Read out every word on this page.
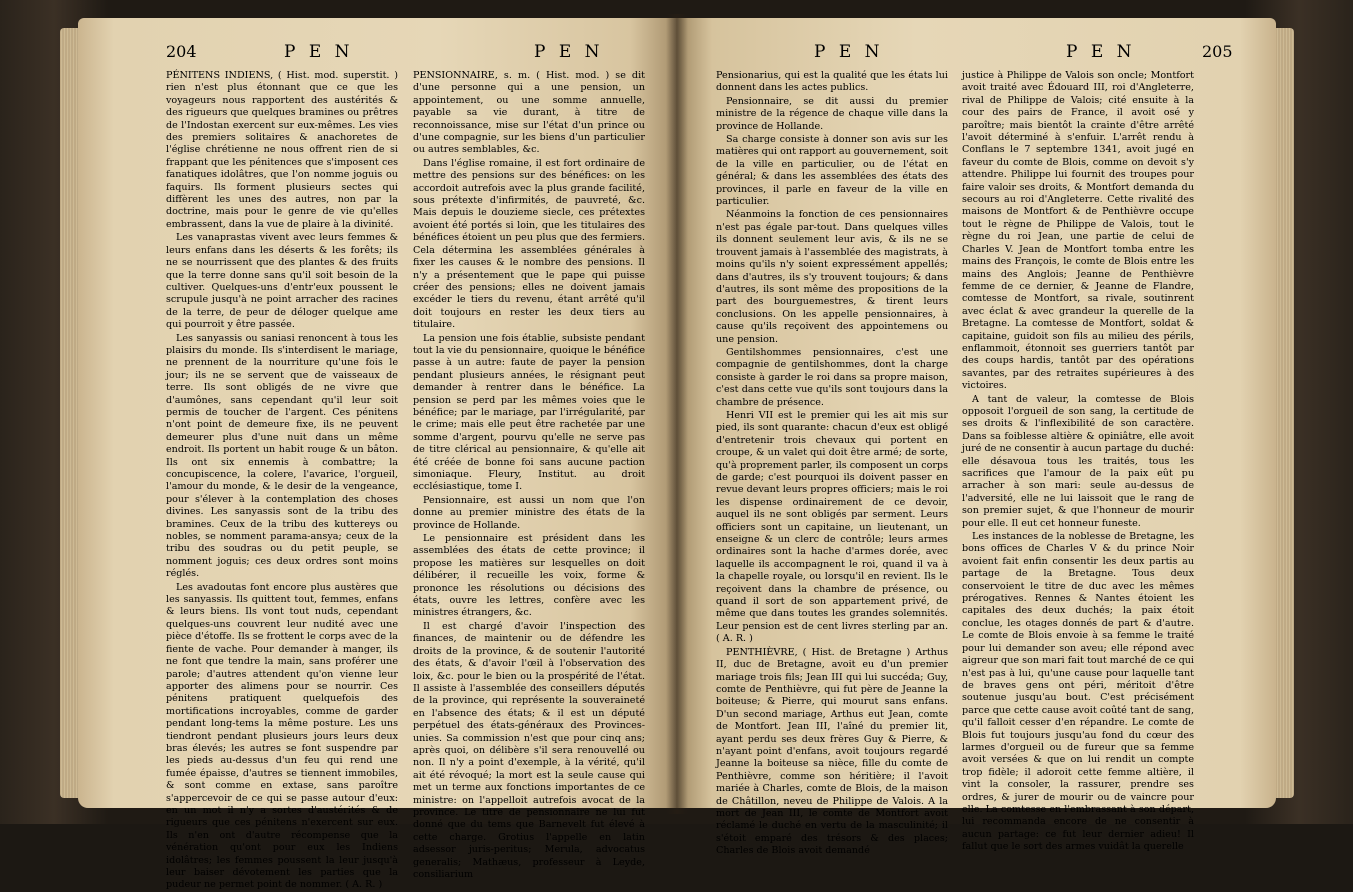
204	P E N	P E N	P E N	P E N	205

PÉNITENS INDIENS, ( Hist. mod. superstit. ) rien n'est plus étonnant que ce que les voyageurs nous rapportent des austérités & des rigueurs que quelques bramines ou prêtres de l'Indostan exercent sur eux-mêmes. Les vies des premiers solitaires & anachoretes de l'église chrétienne ne nous offrent rien de si frappant que les pénitences que s'imposent ces fanatiques idolâtres, que l'on nomme joguis ou faquirs. Ils forment plusieurs sectes qui diffèrent les unes des autres, non par la doctrine, mais pour le genre de vie qu'elles embrassent, dans la vue de plaire à la divinité.

Les vanaprastas vivent avec leurs femmes & leurs enfans dans les déserts & les forêts; ils ne se nourrissent que des plantes & des fruits que la terre donne sans qu'il soit besoin de la cultiver. Quelques-uns d'entr'eux poussent le scrupule jusqu'à ne point arracher des racines de la terre, de peur de déloger quelque ame qui pourroit y être passée.

Les sanyassis ou saniasi renoncent à tous les plaisirs du monde. Ils s'interdisent le mariage, ne prennent de la nourriture qu'une fois le jour; ils ne se servent que de vaisseaux de terre. Ils sont obligés de ne vivre que d'aumônes, sans cependant qu'il leur soit permis de toucher de l'argent. Ces pénitens n'ont point de demeure fixe, ils ne peuvent demeurer plus d'une nuit dans un même endroit. Ils portent un habit rouge & un bâton. Ils ont six ennemis à combattre; la concupiscence, la colere, l'avarice, l'orgueil, l'amour du monde, & le desir de la vengeance, pour s'élever à la contemplation des choses divines. Les sanyassis sont de la tribu des bramines. Ceux de la tribu des kuttereys ou nobles, se nomment parama-ansya; ceux de la tribu des soudras ou du petit peuple, se nomment joguis; ces deux ordres sont moins réglés.

Les avadoutas font encore plus austères que les sanyassis. Ils quittent tout, femmes, enfans & leurs biens. Ils vont tout nuds, cependant quelques-uns couvrent leur nudité avec une pièce d'étoffe. Ils se frottent le corps avec de la fiente de vache. Pour demander à manger, ils ne font que tendre la main, sans proférer une parole; d'autres attendent qu'on vienne leur apporter des alimens pour se nourrir. Ces pénitens pratiquent quelquefois des mortifications incroyables, comme de garder pendant long-tems la même posture. Les uns tiendront pendant plusieurs jours leurs deux bras élevés; les autres se font suspendre par les pieds au-dessus d'un feu qui rend une fumée épaisse, d'autres se tiennent immobiles, & sont comme en extase, sans paroître s'appercevoir de ce qui se passe autour d'eux: en un mot il n'y a sortes d'austérités & de rigueurs que ces pénitens n'exercent sur eux. Ils n'en ont d'autre récompense que la vénération qu'ont pour eux les Indiens idolâtres; les femmes poussent la leur jusqu'à leur baiser dévotement les parties que la pudeur ne permet point de nommer. ( A. R. )

PENSIONNAIRE, s. m. ( Hist. mod. ) se dit d'une personne qui a une pension, un appointement, ou une somme annuelle, payable sa vie durant, à titre de reconnoissance, mise sur l'état d'un prince ou d'une compagnie, sur les biens d'un particulier ou autres semblables, &c.

Dans l'église romaine, il est fort ordinaire de mettre des pensions sur des bénéfices: on les accordoit autrefois avec la plus grande facilité, sous prétexte d'infirmités, de pauvreté, &c. Mais depuis le douzieme siecle, ces prétextes avoient été portés si loin, que les titulaires des bénéfices étoient un peu plus que des fermiers. Cela détermina les assemblées générales à fixer les causes & le nombre des pensions. Il n'y a présentement que le pape qui puisse créer des pensions; elles ne doivent jamais excéder le tiers du revenu, étant arrêté qu'il doit toujours en rester les deux tiers au titulaire.

La pension une fois établie, subsiste pendant tout la vie du pensionnaire, quoique le bénéfice passe à un autre: faute de payer la pension pendant plusieurs années, le résignant peut demander à rentrer dans le bénéfice. La pension se perd par les mêmes voies que le bénéfice; par le mariage, par l'irrégularité, par le crime; mais elle peut être rachetée par une somme d'argent, pourvu qu'elle ne serve pas de titre clérical au pensionnaire, & qu'elle ait été créée de bonne foi sans aucune paction simoniaque. Fleury, Institut. au droit ecclésiastique, tome I.

Pensionnaire, est aussi un nom que l'on donne au premier ministre des états de la province de Hollande.

Le pensionnaire est président dans les assemblées des états de cette province; il propose les matières sur lesquelles on doit délibérer, il recueille les voix, forme & prononce les résolutions ou décisions des états, ouvre les lettres, confère avec les ministres étrangers, &c.

Il est chargé d'avoir l'inspection des finances, de maintenir ou de défendre les droits de la province, & de soutenir l'autorité des états, & d'avoir l'œil à l'observation des loix, &c. pour le bien ou la prospérité de l'état. Il assiste à l'assemblée des conseillers députés de la province, qui représente la souveraineté en l'absence des états; & il est un député perpétuel des états-généraux des Provinces-unies. Sa commission n'est que pour cinq ans; après quoi, on délibère s'il sera renouvellé ou non. Il n'y a point d'exemple, à la vérité, qu'il ait été révoqué; la mort est la seule cause qui met un terme aux fonctions importantes de ce ministre: on l'appelloit autrefois avocat de la province. Le titre de pensionnaire ne lui fut donné que du tems que Barnevelt fut élevé à cette charge. Grotius l'appelle en latin adsessor juris-peritus; Merula, advocatus generalis; Mathæus, professeur à Leyde, consiliarium

Pensionarius, qui est la qualité que les états lui donnent dans les actes publics.

Pensionnaire, se dit aussi du premier ministre de la régence de chaque ville dans la province de Hollande.

Sa charge consiste à donner son avis sur les matières qui ont rapport au gouvernement, soit de la ville en particulier, ou de l'état en général; & dans les assemblées des états des provinces, il parle en faveur de la ville en particulier.

Néanmoins la fonction de ces pensionnaires n'est pas égale par-tout. Dans quelques villes ils donnent seulement leur avis, & ils ne se trouvent jamais à l'assemblée des magistrats, à moins qu'ils n'y soient expressément appellés; dans d'autres, ils s'y trouvent toujours; & dans d'autres, ils sont même des propositions de la part des bourguemestres, & tirent leurs conclusions. On les appelle pensionnaires, à cause qu'ils reçoivent des appointemens ou une pension.

Gentilshommes pensionnaires, c'est une compagnie de gentilshommes, dont la charge consiste à garder le roi dans sa propre maison, c'est dans cette vue qu'ils sont toujours dans la chambre de présence.

Henri VII est le premier qui les ait mis sur pied, ils sont quarante: chacun d'eux est obligé d'entretenir trois chevaux qui portent en croupe, & un valet qui doit être armé; de sorte, qu'à proprement parler, ils composent un corps de garde; c'est pourquoi ils doivent passer en revue devant leurs propres officiers; mais le roi les dispense ordinairement de ce devoir, auquel ils ne sont obligés par serment. Leurs officiers sont un capitaine, un lieutenant, un enseigne & un clerc de contrôle; leurs armes ordinaires sont la hache d'armes dorée, avec laquelle ils accompagnent le roi, quand il va à la chapelle royale, ou lorsqu'il en revient. Ils le reçoivent dans la chambre de présence, ou quand il sort de son appartement privé, de même que dans toutes les grandes solemnités. Leur pension est de cent livres sterling par an. ( A. R. )

PENTHIÈVRE, ( Hist. de Bretagne ) Arthus II, duc de Bretagne, avoit eu d'un premier mariage trois fils; Jean III qui lui succéda; Guy, comte de Penthièvre, qui fut père de Jeanne la boiteuse; & Pierre, qui mourut sans enfans. D'un second mariage, Arthus eut Jean, comte de Montfort. Jean III, l'aîné du premier lit, ayant perdu ses deux frères Guy & Pierre, & n'ayant point d'enfans, avoit toujours regardé Jeanne la boiteuse sa nièce, fille du comte de Penthièvre, comme son héritière; il l'avoit mariée à Charles, comte de Blois, de la maison de Châtillon, neveu de Philippe de Valois. A la mort de Jean III, le comte de Montfort avoit réclamé le duché en vertu de la masculinité; il s'étoit emparé des trésors & des places; Charles de Blois avoit demandé

justice à Philippe de Valois son oncle; Montfort avoit traité avec Édouard III, roi d'Angleterre, rival de Philippe de Valois; cité ensuite à la cour des pairs de France, il avoit osé y paroître; mais bientôt la crainte d'être arrêté l'avoit déterminé à s'enfuir. L'arrêt rendu à Conflans le 7 septembre 1341, avoit jugé en faveur du comte de Blois, comme on devoit s'y attendre. Philippe lui fournit des troupes pour faire valoir ses droits, & Montfort demanda du secours au roi d'Angleterre. Cette rivalité des maisons de Montfort & de Penthièvre occupe tout le règne de Philippe de Valois, tout le règne du roi Jean, une partie de celui de Charles V. Jean de Montfort tomba entre les mains des François, le comte de Blois entre les mains des Anglois; Jeanne de Penthièvre femme de ce dernier, & Jeanne de Flandre, comtesse de Montfort, sa rivale, soutinrent avec éclat & avec grandeur la querelle de la Bretagne. La comtesse de Montfort, soldat & capitaine, guidoit son fils au milieu des périls, enflammoit, étonnoit ses guerriers tantôt par des coups hardis, tantôt par des opérations savantes, par des retraites supérieures à des victoires.

A tant de valeur, la comtesse de Blois opposoit l'orgueil de son sang, la certitude de ses droits & l'inflexibilité de son caractère. Dans sa foiblesse altière & opiniâtre, elle avoit juré de ne consentir à aucun partage du duché: elle désavoua tous les traités, tous les sacrifices que l'amour de la paix eût pu arracher à son mari: seule au-dessus de l'adversité, elle ne lui laissoit que le rang de son premier sujet, & que l'honneur de mourir pour elle. Il eut cet honneur funeste.

Les instances de la noblesse de Bretagne, les bons offices de Charles V & du prince Noir avoient fait enfin consentir les deux partis au partage de la Bretagne. Tous deux conservoient le titre de duc avec les mêmes prérogatives. Rennes & Nantes étoient les capitales des deux duchés; la paix étoit conclue, les otages donnés de part & d'autre. Le comte de Blois envoie à sa femme le traité pour lui demander son aveu; elle répond avec aigreur que son mari fait tout marché de ce qui n'est pas à lui, qu'une cause pour laquelle tant de braves gens ont péri, méritoit d'être soutenue jusqu'au bout. C'est précisément parce que cette cause avoit coûté tant de sang, qu'il falloit cesser d'en répandre. Le comte de Blois fut toujours jusqu'au fond du cœur des larmes d'orgueil ou de fureur que sa femme avoit versées & que on lui rendit un compte trop fidèle; il adoroit cette femme altière, il vint la consoler, la rassurer, prendre ses ordres, & jurer de mourir ou de vaincre pour elle. La comtesse en l'embrassant à son départ, lui recommanda encore de ne consentir à aucun partage: ce fut leur dernier adieu! Il fallut que le sort des armes vuidât la querelle
